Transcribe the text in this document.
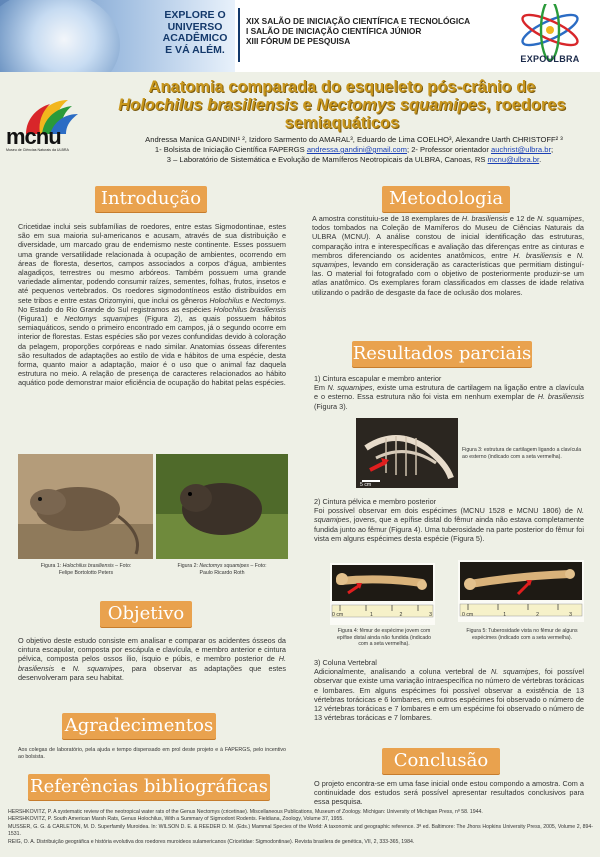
EXPLORE O
UNIVERSO
ACADÊMICO
E VÁ ALÉM.
XIX SALÃO DE INICIAÇÃO CIENTÍFICA E TECNOLÓGICA
I SALÃO DE INICIAÇÃO CIENTÍFICA JÚNIOR
XIII FÓRUM DE PESQUISA
EXPOULBRA
mcnu
Museu de Ciências Naturais da ULBRA
Anatomia comparada do esqueleto pós-crânio de
Holochilus brasiliensis e Nectomys squamipes, roedores
semiaquáticos
Andressa Manica GANDINI¹ ², Izidoro Sarmento do AMARAL³, Eduardo de Lima COELHO³, Alexandre Uarth CHRISTOFF² ³
1- Bolsista de Iniciação Científica FAPERGS andressa.gandini@gmail.com; 2- Professor orientador auchrist@ulbra.br;
3 – Laboratório de Sistemática e Evolução de Mamíferos Neotropicais da ULBRA, Canoas, RS mcnu@ulbra.br.
Introdução
Cricetidae inclui seis subfamílias de roedores, entre estas Sigmodontinae, estes são em sua maioria sul-americanos e acusam, através de sua distribuição e diversidade, um marcado grau de endemismo neste continente. Esses possuem uma grande versatilidade relacionada à ocupação de ambientes, ocorrendo em áreas de floresta, desertos, campos associados a corpos d'água, ambientes alagadiços, terrestres ou mesmo arbóreos. Também possuem uma grande variedade alimentar, podendo consumir raízes, sementes, folhas, frutos, insetos e até pequenos vertebrados. Os roedores sigmodontíneos estão distribuídos em sete tribos e entre estas Orizomyini, que inclui os gêneros Holochilus e Nectomys. No Estado do Rio Grande do Sul registramos as espécies Holochilus brasiliensis (Figura1) e Nectomys squamipes (Figura 2), as quais possuem hábitos semiaquáticos, sendo o primeiro encontrado em campos, já o segundo ocorre em interior de florestas. Estas espécies são por vezes confundidas devido à coloração da pelagem, proporções corpóreas e nado similar. Anatomias ósseas diferentes são resultados de adaptações ao estilo de vida e hábitos de uma espécie, desta forma, quanto maior a adaptação, maior é o uso que o animal faz daquela estrutura no meio. A relação de presença de caracteres relacionados ao hábito aquático pode demonstrar maior eficiência de ocupação do habitat pelas espécies.
Figura 1: Holochilus brasiliensis – Foto:
Felipe Bortolotto Peters
Figura 2: Nectomys squamipes – Foto:
Paulo Ricardo Roth
Objetivo
O objetivo deste estudo consiste em analisar e comparar os acidentes ósseos da cintura escapular, composta por escápula e clavícula, e membro anterior e cintura pélvica, composta pelos ossos ílio, ísquio e púbis, e membro posterior de H. brasiliensis e N. squamipes, para observar as adaptações que estes desenvolveram para seu habitat.
Agradecimentos
Aos colegas de laboratório, pela ajuda e tempo dispensado em prol deste projeto e à FAPERGS, pelo incentivo ao bolsista.
Referências bibliográficas
HERSHKOVITZ, P. A systematic review of the neotropical water rats of the Genus Nectomys (cricetinae). Miscellaneous Publications, Museum of Zoology. Michigan: University of Michigan Press, nº 58. 1944.
HERSHKOVITZ, P. South American Marsh Rats, Genus Holochilus, With a Summary of Sigmodont Rodents. Fieldiana, Zoology, Volume 37, 1955.
MUSSER, G. G. & CARLETON, M. D. Superfamily Muroidea. In: WILSON D. E. & REEDER D. M. (Eds.) Mammal Species of the World: A taxonomic and geographic reference. 3ª ed. Baltimore: The Jhons Hopkins University Press, 2005, Volume 2, 894-1531.
REIG, O. A. Distribuição geográfica e história evolutiva dos roedores muroideos sulamericanos (Cricetidae: Sigmodontinae). Revista brasilera de genética, VII, 2, 333-365, 1984.
Metodologia
A amostra constituiu-se de 18 exemplares de H. brasiliensis e 12 de N. squamipes, todos tombados na Coleção de Mamíferos do Museu de Ciências Naturais da ULBRA (MCNU). A análise constou de inicial identificação das estruturas, comparação intra e interespecíficas e avaliação das diferenças entre as cinturas e membros diferenciando os acidentes anatômicos, entre H. brasiliensis e N. squamipes, levando em consideração as características que permitiam distinguí-las. O material foi fotografado com o objetivo de posteriormente produzir-se um atlas anatômico. Os exemplares foram classificados em classes de idade relativa utilizando o padrão de desgaste da face de oclusão dos molares.
Resultados parciais
1) Cintura escapular e membro anterior
Em N. squamipes, existe uma estrutura de cartilagem na ligação entre a clavícula e o esterno. Essa estrutura não foi vista em nenhum exemplar de H. brasiliensis (Figura 3).
5 cm
Figura 3: estrutura de cartilagem ligando a clavícula ao esterno (indicado com a seta vermelha).
2) Cintura pélvica e membro posterior
Foi possível observar em dois espécimes (MCNU 1528 e MCNU 1806) de N. squamipes, jovens, que a epífise distal do fêmur ainda não estava completamente fundida junto ao fêmur (Figura 4). Uma tuberosidade na parte posterior do fêmur foi vista em alguns espécimes desta espécie (Figura 5).
0 cm	1	2	3
Figura 4: fêmur de espécime jovem com epífise distal ainda não fundida (indicado com a seta vermelha).
0 cm	1	2	3
Figura 5: Tuberosidade vista no fêmur de alguns espécimes (indicado com a seta vermelha).
3) Coluna Vertebral
Adicionalmente, analisando a coluna vertebral de N. squamipes, foi possível observar que existe uma variação intraespecífica no número de vértebras torácicas e lombares. Em alguns espécimes foi possível observar a existência de 13 vértebras torácicas e 6 lombares, em outros espécimes foi observado o número de 12 vértebras torácicas e 7 lombares e em um espécime foi observado o número de 13 vértebras torácicas e 7 lombares.
Conclusão
O projeto encontra-se em uma fase inicial onde estou compondo a amostra. Com a continuidade dos estudos será possível apresentar resultados conclusivos para essa pesquisa.
